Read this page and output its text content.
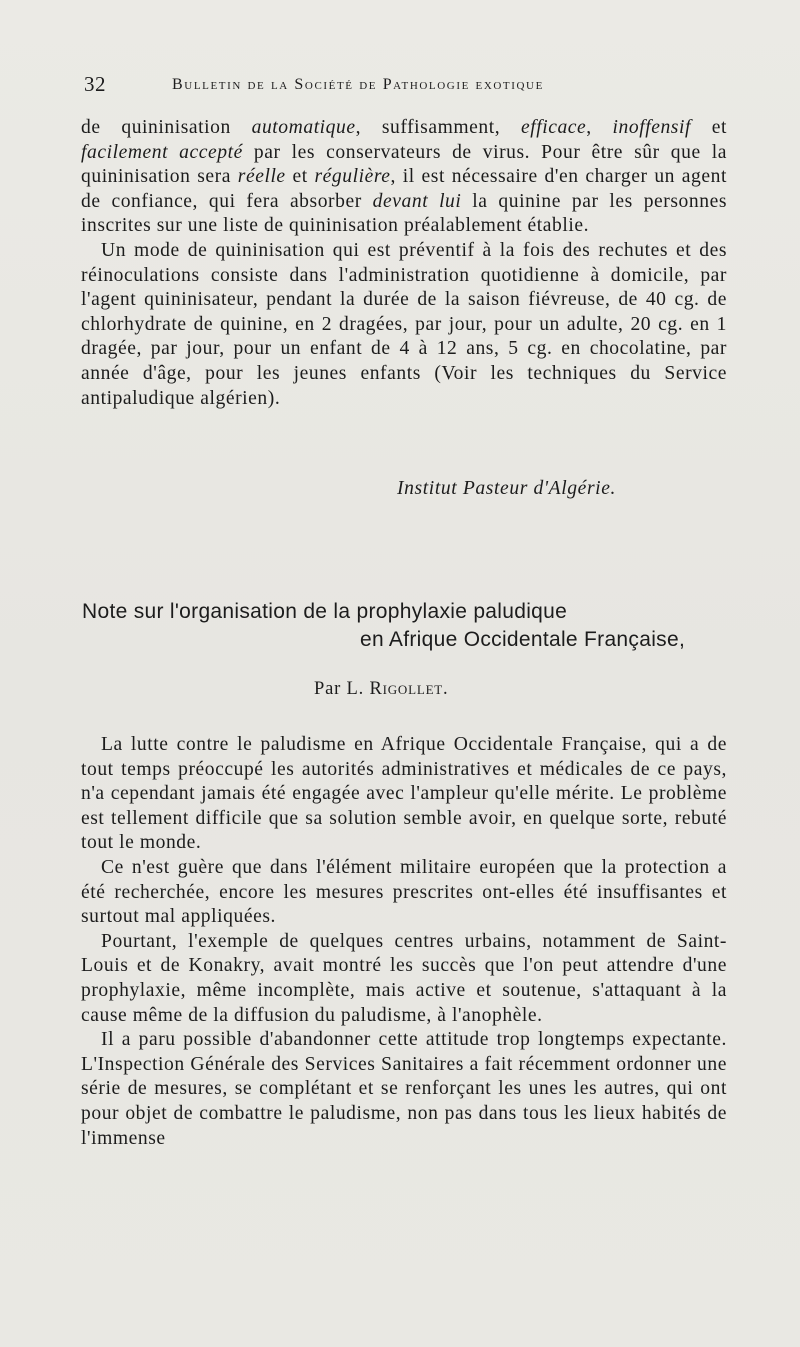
32	Bulletin de la Société de Pathologie exotique

de quininisation automatique, suffisamment, efficace, inoffensif et facilement accepté par les conservateurs de virus. Pour être sûr que la quininisation sera réelle et régulière, il est nécessaire d'en charger un agent de confiance, qui fera absorber devant lui la quinine par les personnes inscrites sur une liste de quininisation préalablement établie.

Un mode de quininisation qui est préventif à la fois des rechutes et des réinoculations consiste dans l'administration quotidienne à domicile, par l'agent quininisateur, pendant la durée de la saison fiévreuse, de 40 cg. de chlorhydrate de quinine, en 2 dragées, par jour, pour un adulte, 20 cg. en 1 dragée, par jour, pour un enfant de 4 à 12 ans, 5 cg. en chocolatine, par année d'âge, pour les jeunes enfants (Voir les techniques du Service antipaludique algérien).

Institut Pasteur d'Algérie.
Note sur l'organisation de la prophylaxie paludique
en Afrique Occidentale Française,
Par L. Rigollet.

La lutte contre le paludisme en Afrique Occidentale Française, qui a de tout temps préoccupé les autorités administratives et médicales de ce pays, n'a cependant jamais été engagée avec l'ampleur qu'elle mérite. Le problème est tellement difficile que sa solution semble avoir, en quelque sorte, rebuté tout le monde.

Ce n'est guère que dans l'élément militaire européen que la protection a été recherchée, encore les mesures prescrites ont-elles été insuffisantes et surtout mal appliquées.

Pourtant, l'exemple de quelques centres urbains, notamment de Saint-Louis et de Konakry, avait montré les succès que l'on peut attendre d'une prophylaxie, même incomplète, mais active et soutenue, s'attaquant à la cause même de la diffusion du paludisme, à l'anophèle.

Il a paru possible d'abandonner cette attitude trop longtemps expectante. L'Inspection Générale des Services Sanitaires a fait récemment ordonner une série de mesures, se complétant et se renforçant les unes les autres, qui ont pour objet de combattre le paludisme, non pas dans tous les lieux habités de l'immense
